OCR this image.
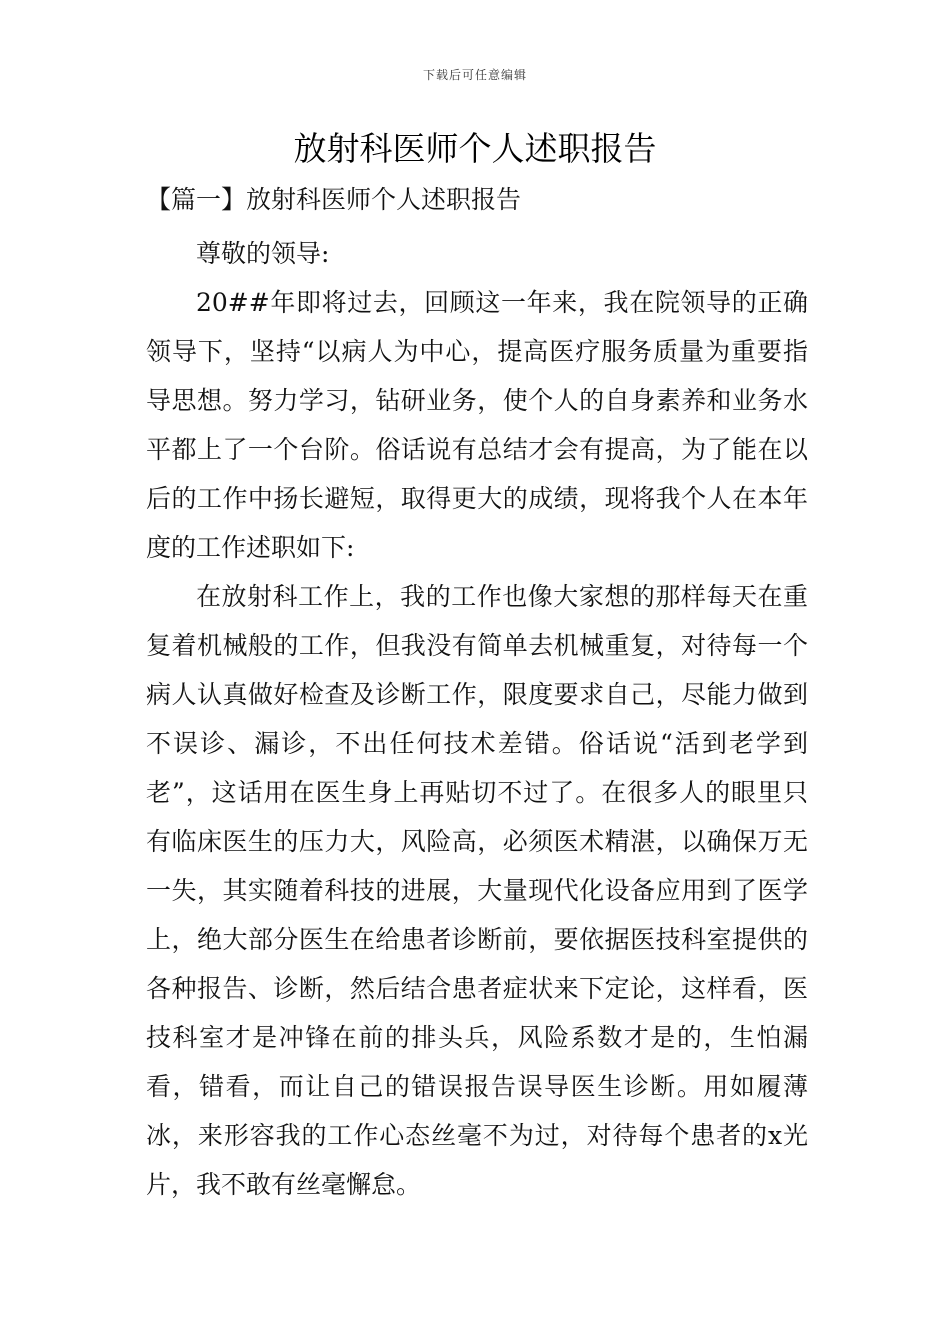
下载后可任意编辑
放射科医师个人述职报告
【篇一】放射科医师个人述职报告

尊敬的领导:

20##年即将过去，回顾这一年来，我在院领导的正确领导下，坚持“以病人为中心，提高医疗服务质量为重要指导思想。努力学习，钻研业务，使个人的自身素养和业务水平都上了一个台阶。俗话说有总结才会有提高，为了能在以后的工作中扬长避短，取得更大的成绩，现将我个人在本年度的工作述职如下:

在放射科工作上，我的工作也像大家想的那样每天在重复着机械般的工作，但我没有简单去机械重复，对待每一个病人认真做好检查及诊断工作，限度要求自己，尽能力做到不误诊、漏诊，不出任何技术差错。俗话说“活到老学到老”，这话用在医生身上再贴切不过了。在很多人的眼里只有临床医生的压力大，风险高，必须医术精湛，以确保万无一失，其实随着科技的进展，大量现代化设备应用到了医学上，绝大部分医生在给患者诊断前，要依据医技科室提供的各种报告、诊断，然后结合患者症状来下定论，这样看，医技科室才是冲锋在前的排头兵，风险系数才是的，生怕漏看，错看，而让自己的错误报告误导医生诊断。用如履薄冰，来形容我的工作心态丝毫不为过，对待每个患者的x光片，我不敢有丝毫懈怠。
